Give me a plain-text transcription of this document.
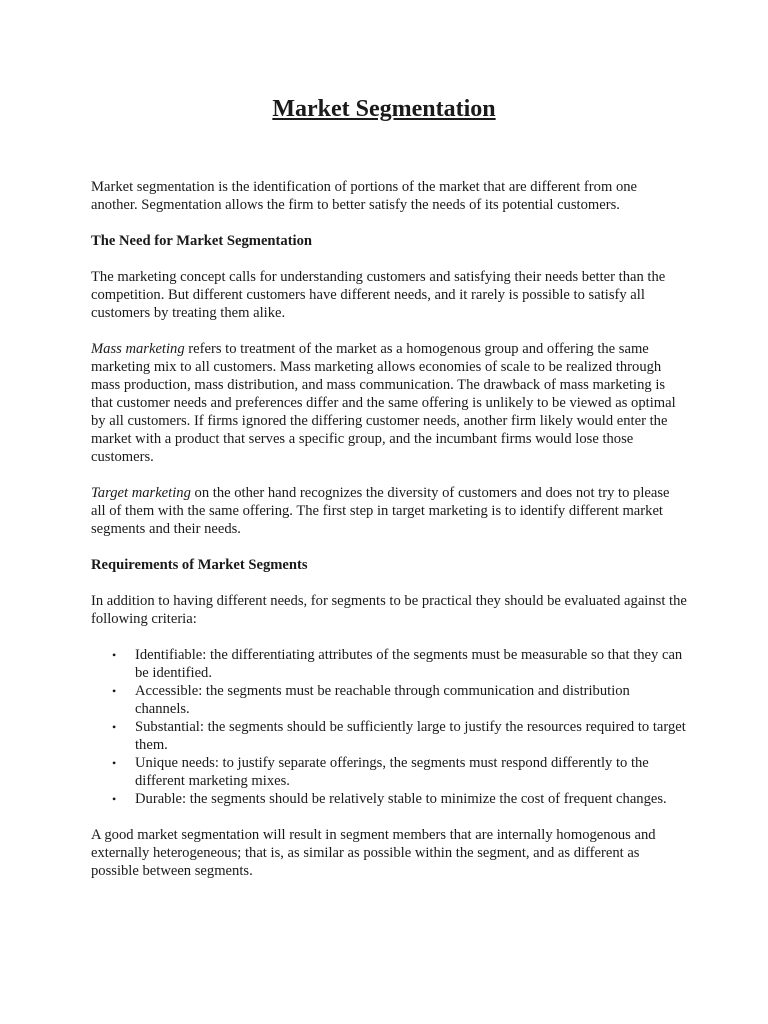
Market Segmentation

Market segmentation is the identification of portions of the market that are different from one another. Segmentation allows the firm to better satisfy the needs of its potential customers.

The Need for Market Segmentation

The marketing concept calls for understanding customers and satisfying their needs better than the competition. But different customers have different needs, and it rarely is possible to satisfy all customers by treating them alike.

Mass marketing refers to treatment of the market as a homogenous group and offering the same marketing mix to all customers. Mass marketing allows economies of scale to be realized through mass production, mass distribution, and mass communication. The drawback of mass marketing is that customer needs and preferences differ and the same offering is unlikely to be viewed as optimal by all customers. If firms ignored the differing customer needs, another firm likely would enter the market with a product that serves a specific group, and the incumbant firms would lose those customers.

Target marketing on the other hand recognizes the diversity of customers and does not try to please all of them with the same offering. The first step in target marketing is to identify different market segments and their needs.

Requirements of Market Segments

In addition to having different needs, for segments to be practical they should be evaluated against the following criteria:

• Identifiable: the differentiating attributes of the segments must be measurable so that they can be identified.
• Accessible: the segments must be reachable through communication and distribution channels.
• Substantial: the segments should be sufficiently large to justify the resources required to target them.
• Unique needs: to justify separate offerings, the segments must respond differently to the different marketing mixes.
• Durable: the segments should be relatively stable to minimize the cost of frequent changes.

A good market segmentation will result in segment members that are internally homogenous and externally heterogeneous; that is, as similar as possible within the segment, and as different as possible between segments.
